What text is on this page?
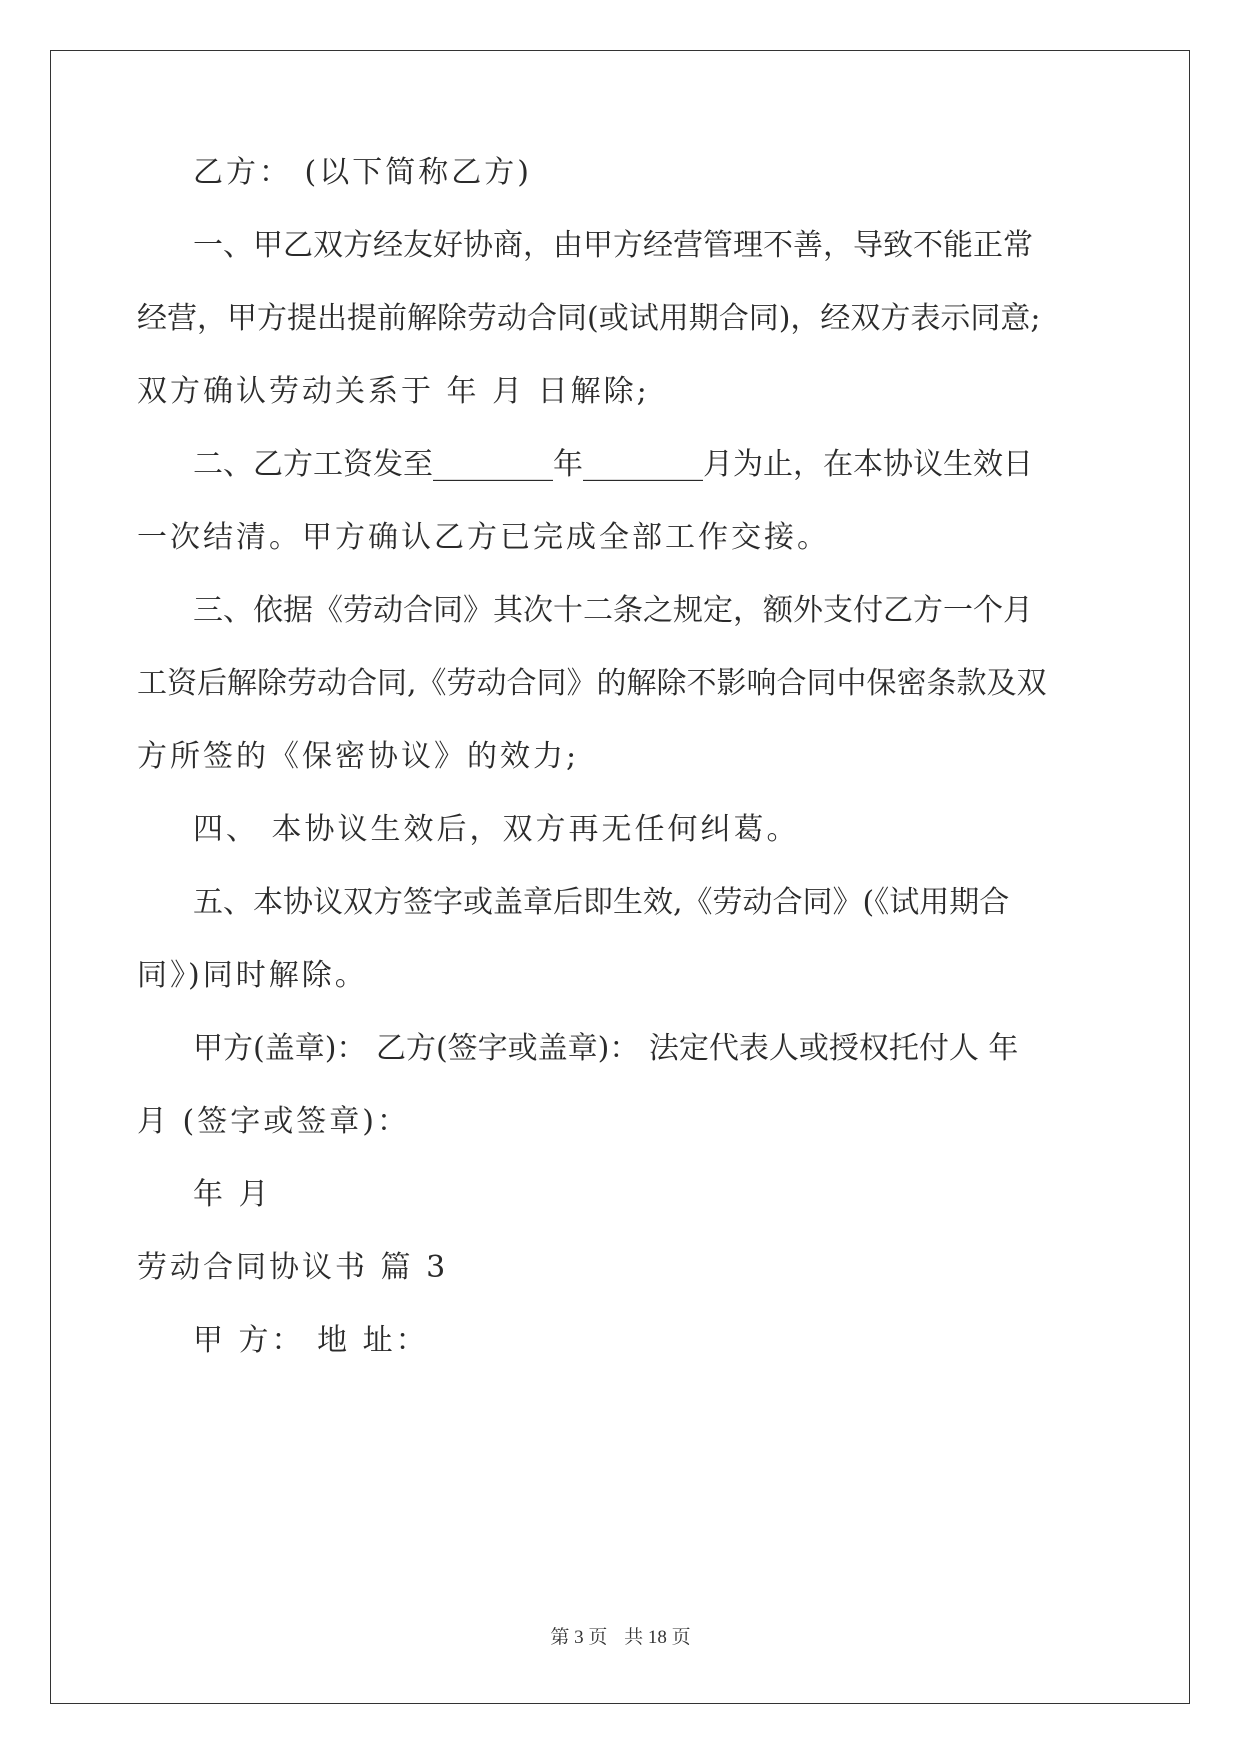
乙方： (以下简称乙方)
一、甲乙双方经友好协商，由甲方经营管理不善，导致不能正常
经营，甲方提出提前解除劳动合同(或试用期合同)，经双方表示同意;
双方确认劳动关系于 年 月 日解除;
二、乙方工资发至________年________月为止，在本协议生效日
一次结清。甲方确认乙方已完成全部工作交接。
三、依据《劳动合同》其次十二条之规定，额外支付乙方一个月
工资后解除劳动合同,《劳动合同》的解除不影响合同中保密条款及双
方所签的《保密协议》的效力;
四、 本协议生效后，双方再无任何纠葛。
五、本协议双方签字或盖章后即生效,《劳动合同》(《试用期合
同》)同时解除。
甲方(盖章)： 乙方(签字或盖章)： 法定代表人或授权托付人 年
月 (签字或签章)：
年 月
劳动合同协议书 篇 3
甲 方： 地 址：
第 3 页 共 18 页
